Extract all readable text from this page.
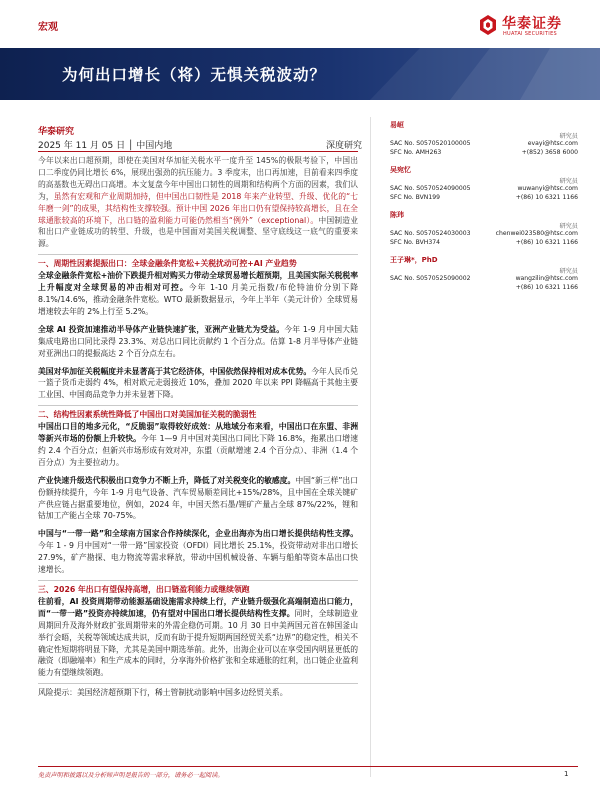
宏观	华泰证券
HUATAI SECURITIES
为何出口增长（将）无惧关税波动？
华泰研究
2025 年 11 月 05 日 │ 中国内地	深度研究

今年以来出口超预期，即使在美国对华加征关税水平一度升至 145%的极限考验下，中国出口二季度仍同比增长 6%，展现出强劲的抗压能力。3 季度末，出口再加速，目前看来四季度的高基数也无碍出口高增。本文复盘今年中国出口韧性的周期和结构两个方面的因素，我们认为，虽然有宏观和产业周期加持，但中国出口韧性是 2018 年来产业转型、升级、优化的“七年磨一剑”的成果，其结构性支撑较强。预计中国 2026 年出口仍有望保持较高增长，且在全球通胀较高的环境下，出口链的盈利能力可能仍然相当“例外”（exceptional）。中国制造业和出口产业链成功的转型、升级，也是中国面对美国关税调整、坚守底线这一底气的重要来源。

一、周期性因素提振出口：全球金融条件宽松+关税扰动可控+AI 产业趋势

全球金融条件宽松+油价下跌提升相对购买力带动全球贸易增长超预期，且美国实际关税税率上升幅度对全球贸易的冲击相对可控。今年 1-10 月美元指数/布伦特油价分别下降 8.1%/14.6%，推动金融条件宽松。WTO 最新数据显示，今年上半年（美元计价）全球贸易增速较去年的 2%上行至 5.2%。

全球 AI 投资加速推动半导体产业链快速扩张，亚洲产业链尤为受益。今年 1-9 月中国大陆集成电路出口同比录得 23.3%、对总出口同比贡献约 1 个百分点。估算 1-8 月半导体产业链对亚洲出口的提振高达 2 个百分点左右。

美国对华加征关税幅度并未显著高于其它经济体，中国依然保持相对成本优势。今年人民币兑一篮子货币走弱约 4%，相对欧元走弱接近 10%，叠加 2020 年以来 PPI 降幅高于其他主要工业国、中国商品竞争力并未显著下降。

二、结构性因素系统性降低了中国出口对美国加征关税的脆弱性

中国出口目的地多元化，“反脆弱”取得较好成效：从地域分布来看，中国出口在东盟、非洲等新兴市场的份额上升较快。今年 1—9 月中国对美国出口同比下降 16.8%，拖累出口增速约 2.4 个百分点；但新兴市场形成有效对冲，东盟（贡献增速 2.4 个百分点）、非洲（1.4 个百分点）为主要拉动力。

产业快速升级迭代积极出口竞争力不断上升，降低了对关税变化的敏感度。中国“新三样”出口份额持续提升，今年 1-9 月电气设备、汽车贸易顺差同比+15%/28%，且中国在全球关键矿产供应链占据重要地位，例如，2024 年，中国天然石墨/锂矿产量占全球 87%/22%，锂和钴加工产能占全球 70-75%。

中国与“一带一路”和全球南方国家合作持续深化，企业出海亦为出口增长提供结构性支撑。今年 1 - 9 月中国对“一带一路”国家投资（OFDI）同比增长 25.1%，投资带动对非出口增长 27.9%，矿产勘探、电力物流等需求释放，带动中国机械设备、车辆与船舶等资本品出口快速增长。

三、2026 年出口有望保持高增，出口链盈利能力或继续领跑

往前看，AI 投资周期带动能源基础设施需求持续上行，产业链升级强化高端制造出口能力，而“一带一路”投资亦持续加速，仍有望对中国出口增长提供结构性支撑。同时，全球制造业周期回升及海外财政扩张周期带来的外需企稳仍可期。10 月 30 日中美两国元首在韩国釜山举行会晤，关税等领域达成共识，反而有助于提升短期两国经贸关系“边界”的稳定性，相关不确定性短期将明显下降，尤其是美国中期选举前。此外，出海企业可以在享受国内明显更低的融资（即融端率）和生产成本的同时，分享海外价格扩张和全球通胀的红利，出口链企业盈利能力有望继续领跑。

风险提示：美国经济超预期下行，稀土管制扰动影响中国多边经贸关系。

易峘
研究员
SAC No. S0570520100005	evayi@htsc.com
SFC No. AMH263	+(852) 3658 6000
吴宛忆
研究员
SAC No. S0570524090005	wuwanyi@htsc.com
SFC No. BVN199	+(86) 10 6321 1166
陈玮
研究员
SAC No. S0570524030003	chenwei023580@htsc.com
SFC No. BVH374	+(86) 10 6321 1166
王子琳*，PhD
研究员
SAC No. S0570525090002	wangzilin@htsc.com
+(86) 10 6321 1166
免责声明和披露以及分析师声明是报告的一部分，请务必一起阅读。	1
